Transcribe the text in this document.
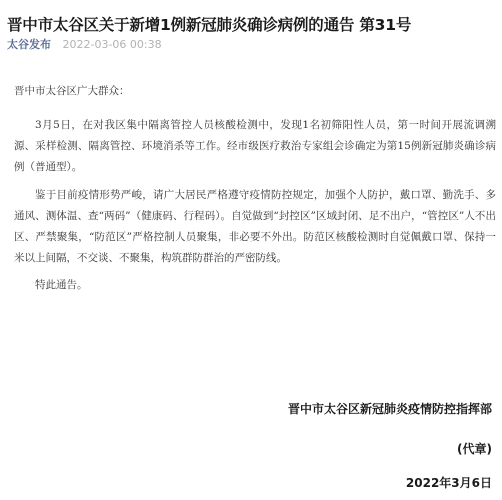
晋中市太谷区关于新增1例新冠肺炎确诊病例的通告 第31号
太谷发布 2022-03-06 00:38

晋中市太谷区广大群众：

3月5日，在对我区集中隔离管控人员核酸检测中，发现1名初筛阳性人员，第一时间开展流调溯源、采样检测、隔离管控、环境消杀等工作。经市级医疗救治专家组会诊确定为第15例新冠肺炎确诊病例（普通型）。

鉴于目前疫情形势严峻，请广大居民严格遵守疫情防控规定，加强个人防护，戴口罩、勤洗手、多通风、测体温、查“两码”（健康码、行程码）。自觉做到“封控区”区域封闭、足不出户，“管控区”人不出区、严禁聚集，“防范区”严格控制人员聚集，非必要不外出。防范区核酸检测时自觉佩戴口罩、保持一米以上间隔，不交谈、不聚集，构筑群防群治的严密防线。

特此通告。

晋中市太谷区新冠肺炎疫情防控指挥部
(代章)
2022年3月6日
